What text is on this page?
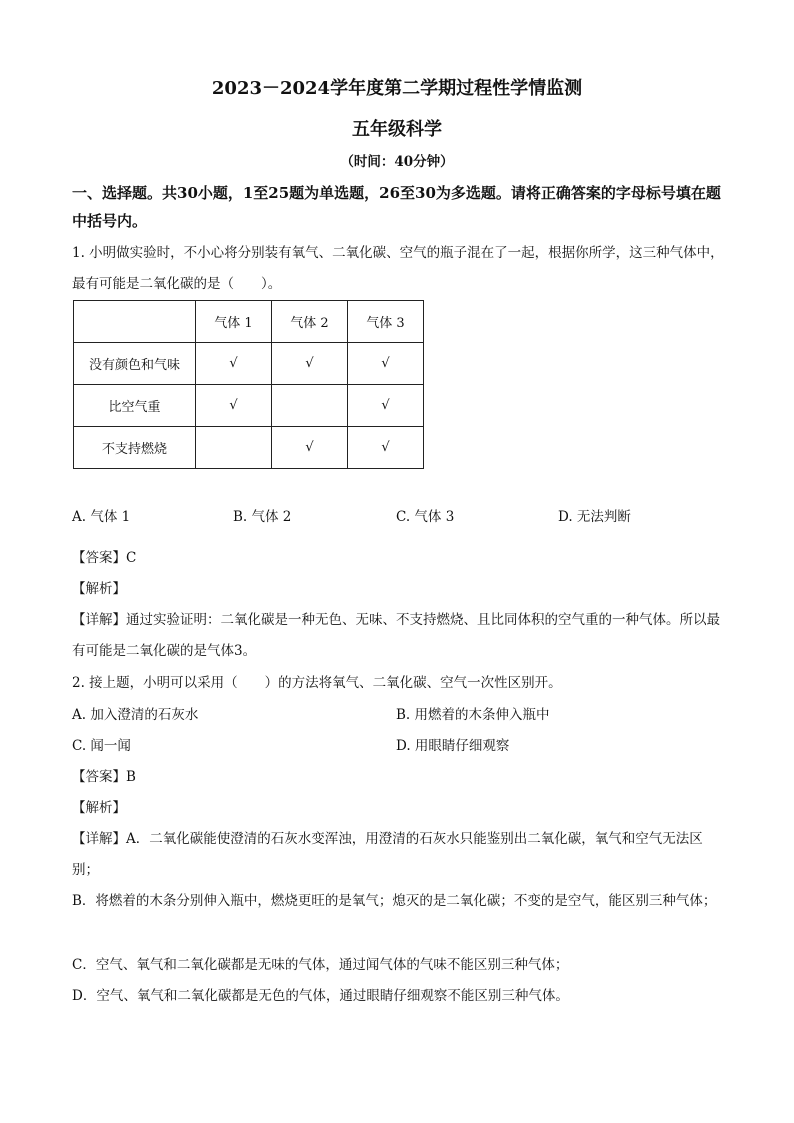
2023－2024学年度第二学期过程性学情监测
五年级科学
（时间：40分钟）
一、选择题。共30小题，1至25题为单选题，26至30为多选题。请将正确答案的字母标号填在题中括号内。
1. 小明做实验时，不小心将分别装有氧气、二氧化碳、空气的瓶子混在了一起，根据你所学，这三种气体中，最有可能是二氧化碳的是（　　）。
	气体 1	气体 2	气体 3
没有颜色和气味	√	√	√
比空气重	√		√
不支持燃烧		√	√
A. 气体 1	B. 气体 2	C. 气体 3	D. 无法判断
【答案】C
【解析】
【详解】通过实验证明：二氧化碳是一种无色、无味、不支持燃烧、且比同体积的空气重的一种气体。所以最有可能是二氧化碳的是气体3。
2. 接上题，小明可以采用（　　）的方法将氧气、二氧化碳、空气一次性区别开。
A. 加入澄清的石灰水	B. 用燃着的木条伸入瓶中
C. 闻一闻	D. 用眼睛仔细观察
【答案】B
【解析】
【详解】A．二氧化碳能使澄清的石灰水变浑浊，用澄清的石灰水只能鉴别出二氧化碳，氧气和空气无法区别；
B．将燃着的木条分别伸入瓶中，燃烧更旺的是氧气；熄灭的是二氧化碳；不变的是空气，能区别三种气体；
C．空气、氧气和二氧化碳都是无味的气体，通过闻气体的气味不能区别三种气体；
D．空气、氧气和二氧化碳都是无色的气体，通过眼睛仔细观察不能区别三种气体。
